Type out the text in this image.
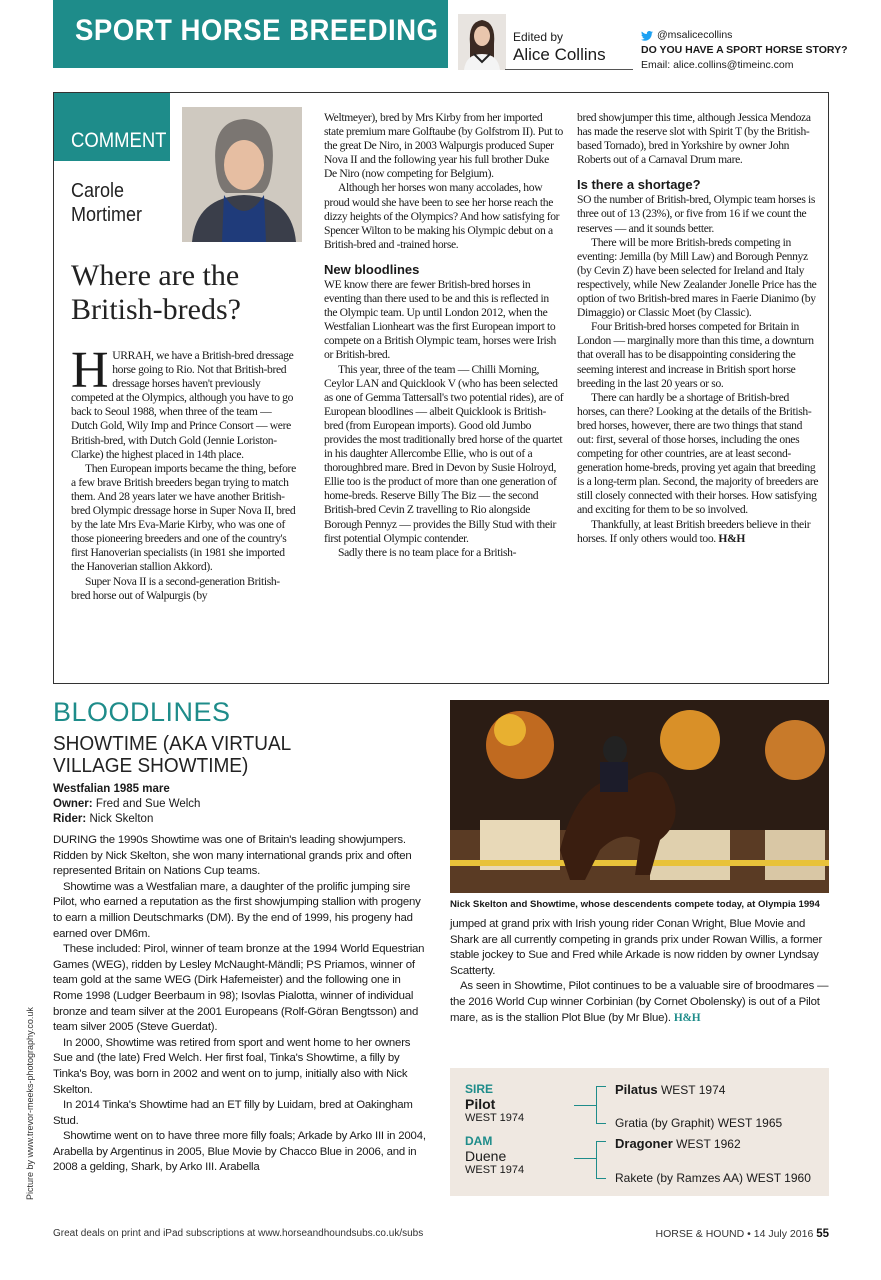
SPORT HORSE BREEDING	Edited by
Alice Collins
@msalicecollins
DO YOU HAVE A SPORT HORSE STORY?
Email: alice.collins@timeinc.com
COMMENT
Carole
Mortimer
Where are the British-breds?
H URRAH, we have a British-bred dressage horse going to Rio. Not that British-bred dressage horses haven't previously competed at the Olympics, although you have to go back to Seoul 1988, when three of the team — Dutch Gold, Wily Imp and Prince Consort — were British-bred, with Dutch Gold (Jennie Loriston-Clarke) the highest placed in 14th place.

Then European imports became the thing, before a few brave British breeders began trying to match them. And 28 years later we have another British-bred Olympic dressage horse in Super Nova II, bred by the late Mrs Eva-Marie Kirby, who was one of those pioneering breeders and one of the country's first Hanoverian specialists (in 1981 she imported the Hanoverian stallion Akkord).

Super Nova II is a second-generation British-bred horse out of Walpurgis (by

Weltmeyer), bred by Mrs Kirby from her imported state premium mare Golftaube (by Golfstrom II). Put to the great De Niro, in 2003 Walpurgis produced Super Nova II and the following year his full brother Duke De Niro (now competing for Belgium).

Although her horses won many accolades, how proud would she have been to see her horse reach the dizzy heights of the Olympics? And how satisfying for Spencer Wilton to be making his Olympic debut on a British-bred and -trained horse.

New bloodlines

WE know there are fewer British-bred horses in eventing than there used to be and this is reflected in the Olympic team. Up until London 2012, when the Westfalian Lionheart was the first European import to compete on a British Olympic team, horses were Irish or British-bred.

This year, three of the team — Chilli Morning, Ceylor LAN and Quicklook V (who has been selected as one of Gemma Tattersall's two potential rides), are of European bloodlines — albeit Quicklook is British-bred (from European imports). Good old Jumbo provides the most traditionally bred horse of the quartet in his daughter Allercombe Ellie, who is out of a thoroughbred mare. Bred in Devon by Susie Holroyd, Ellie too is the product of more than one generation of home-breds. Reserve Billy The Biz — the second British-bred Cevin Z travelling to Rio alongside Borough Pennyz — provides the Billy Stud with their first potential Olympic contender.

Sadly there is no team place for a British-

bred showjumper this time, although Jessica Mendoza has made the reserve slot with Spirit T (by the British-based Tornado), bred in Yorkshire by owner John Roberts out of a Carnaval Drum mare.

Is there a shortage?

SO the number of British-bred, Olympic team horses is three out of 13 (23%), or five from 16 if we count the reserves — and it sounds better.

There will be more British-breds competing in eventing: Jemilla (by Mill Law) and Borough Pennyz (by Cevin Z) have been selected for Ireland and Italy respectively, while New Zealander Jonelle Price has the option of two British-bred mares in Faerie Dianimo (by Dimaggio) or Classic Moet (by Classic).

Four British-bred horses competed for Britain in London — marginally more than this time, a downturn that overall has to be disappointing considering the seeming interest and increase in British sport horse breeding in the last 20 years or so.

There can hardly be a shortage of British-bred horses, can there? Looking at the details of the British-bred horses, however, there are two things that stand out: first, several of those horses, including the ones competing for other countries, are at least second-generation home-breds, proving yet again that breeding is a long-term plan. Second, the majority of breeders are still closely connected with their horses. How satisfying and exciting for them to be so involved.

Thankfully, at least British breeders believe in their horses. If only others would too. H&H

BLOODLINES
SHOWTIME (AKA VIRTUAL VILLAGE SHOWTIME)
Westfalian 1985 mare
Owner: Fred and Sue Welch
Rider: Nick Skelton

DURING the 1990s Showtime was one of Britain's leading showjumpers. Ridden by Nick Skelton, she won many international grands prix and often represented Britain on Nations Cup teams.

Showtime was a Westfalian mare, a daughter of the prolific jumping sire Pilot, who earned a reputation as the first showjumping stallion with progeny to earn a million Deutschmarks (DM). By the end of 1999, his progeny had earned over DM6m.

These included: Pirol, winner of team bronze at the 1994 World Equestrian Games (WEG), ridden by Lesley McNaught-Mändli; PS Priamos, winner of team gold at the same WEG (Dirk Hafemeister) and the following one in Rome 1998 (Ludger Beerbaum in 98); Isovlas Pialotta, winner of individual bronze and team silver at the 2001 Europeans (Rolf-Göran Bengtsson) and team silver 2005 (Steve Guerdat).

In 2000, Showtime was retired from sport and went home to her owners Sue and (the late) Fred Welch. Her first foal, Tinka's Showtime, a filly by Tinka's Boy, was born in 2002 and went on to jump, initially also with Nick Skelton.

In 2014 Tinka's Showtime had an ET filly by Luidam, bred at Oakingham Stud.

Showtime went on to have three more filly foals; Arkade by Arko III in 2004, Arabella by Argentinus in 2005, Blue Movie by Chacco Blue in 2006, and in 2008 a gelding, Shark, by Arko III. Arabella

Nick Skelton and Showtime, whose descendents compete today, at Olympia 1994

jumped at grand prix with Irish young rider Conan Wright, Blue Movie and Shark are all currently competing in grands prix under Rowan Willis, a former stable jockey to Sue and Fred while Arkade is now ridden by owner Lyndsay Scatterty.

As seen in Showtime, Pilot continues to be a valuable sire of broodmares — the 2016 World Cup winner Corbinian (by Cornet Obolensky) is out of a Pilot mare, as is the stallion Plot Blue (by Mr Blue). H&H

SIRE
Pilot
WEST 1974
DAM
Duene
WEST 1974
Pilatus WEST 1974
Gratia (by Graphit) WEST 1965
Dragoner WEST 1962
Rakete (by Ramzes AA) WEST 1960
Picture by www.trevor-meeks-photography.co.uk
Great deals on print and iPad subscriptions at www.horseandhoundsubs.co.uk/subs	HORSE & HOUND • 14 July 2016 55
